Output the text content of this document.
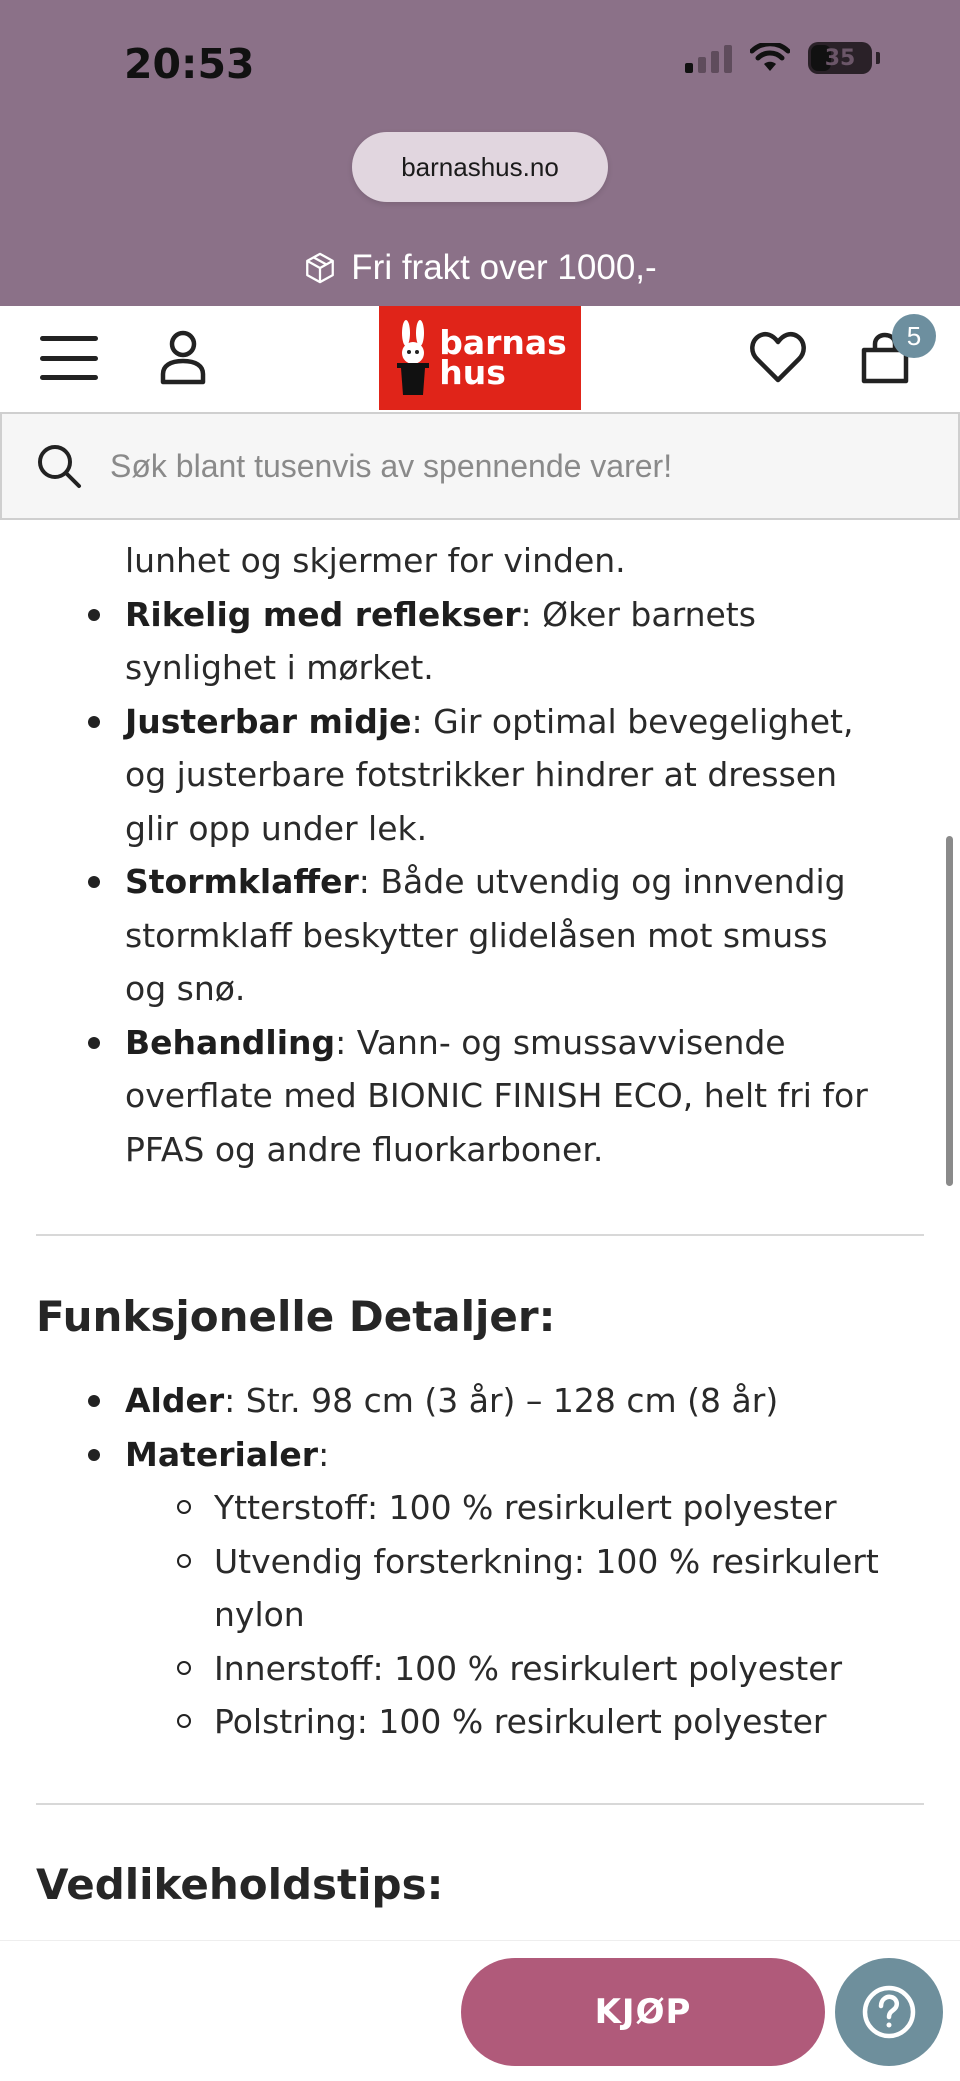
20:53	35
barnashus.no
Fri frakt over 1000,-
barnas
hus
5
Søk blant tusenvis av spennende varer!
lunhet og skjermer for vinden.
Rikelig med reflekser: Øker barnets
synlighet i mørket.
Justerbar midje: Gir optimal bevegelighet,
og justerbare fotstrikker hindrer at dressen
glir opp under lek.
Stormklaffer: Både utvendig og innvendig
stormklaff beskytter glidelåsen mot smuss
og snø.
Behandling: Vann- og smussavvisende
overflate med BIONIC FINISH ECO, helt fri for
PFAS og andre fluorkarboner.
Funksjonelle Detaljer:
Alder: Str. 98 cm (3 år) – 128 cm (8 år)
Materialer:
Ytterstoff: 100 % resirkulert polyester
Utvendig forsterkning: 100 % resirkulert
nylon
Innerstoff: 100 % resirkulert polyester
Polstring: 100 % resirkulert polyester
Vedlikeholdstips:
KJØP
